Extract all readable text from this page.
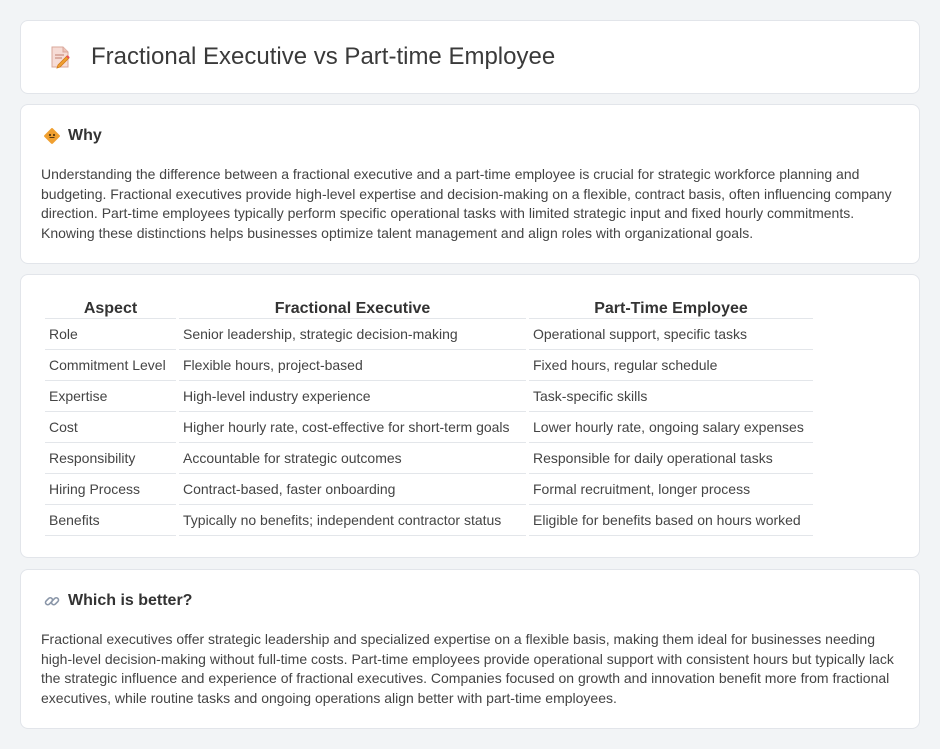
Fractional Executive vs Part-time Employee
Why

Understanding the difference between a fractional executive and a part-time employee is crucial for strategic workforce planning and budgeting. Fractional executives provide high-level expertise and decision-making on a flexible, contract basis, often influencing company direction. Part-time employees typically perform specific operational tasks with limited strategic input and fixed hourly commitments. Knowing these distinctions helps businesses optimize talent management and align roles with organizational goals.

Aspect	Fractional Executive	Part-Time Employee
Role	Senior leadership, strategic decision-making	Operational support, specific tasks
Commitment Level	Flexible hours, project-based	Fixed hours, regular schedule
Expertise	High-level industry experience	Task-specific skills
Cost	Higher hourly rate, cost-effective for short-term goals	Lower hourly rate, ongoing salary expenses
Responsibility	Accountable for strategic outcomes	Responsible for daily operational tasks
Hiring Process	Contract-based, faster onboarding	Formal recruitment, longer process
Benefits	Typically no benefits; independent contractor status	Eligible for benefits based on hours worked
Which is better?

Fractional executives offer strategic leadership and specialized expertise on a flexible basis, making them ideal for businesses needing high-level decision-making without full-time costs. Part-time employees provide operational support with consistent hours but typically lack the strategic influence and experience of fractional executives. Companies focused on growth and innovation benefit more from fractional executives, while routine tasks and ongoing operations align better with part-time employees.
